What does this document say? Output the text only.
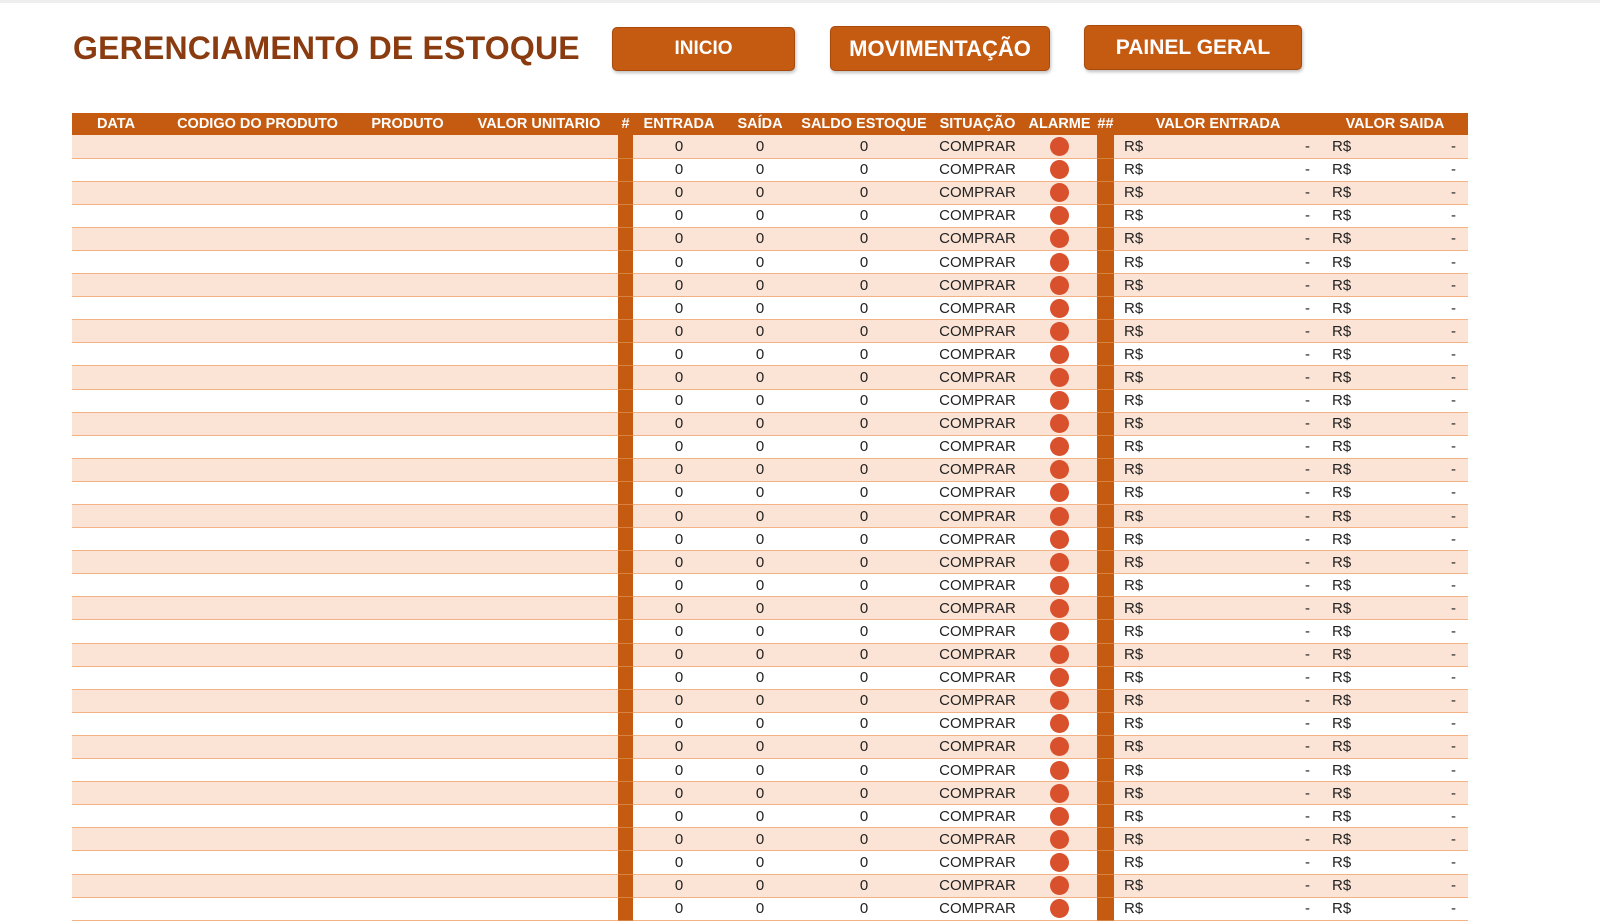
GERENCIAMENTO DE ESTOQUE	INICIO	MOVIMENTAÇÃO	PAINEL GERAL
DATA	CODIGO DO PRODUTO	PRODUTO	VALOR UNITARIO	#	ENTRADA	SAÍDA	SALDO ESTOQUE	SITUAÇÃO	ALARME	##	VALOR ENTRADA	VALOR SAIDA
					0	0	0	COMPRAR			R$ -	R$ -

					0	0	0	COMPRAR			R$ -	R$ -

					0	0	0	COMPRAR			R$ -	R$ -

					0	0	0	COMPRAR			R$ -	R$ -

					0	0	0	COMPRAR			R$ -	R$ -

					0	0	0	COMPRAR			R$ -	R$ -

					0	0	0	COMPRAR			R$ -	R$ -

					0	0	0	COMPRAR			R$ -	R$ -

					0	0	0	COMPRAR			R$ -	R$ -

					0	0	0	COMPRAR			R$ -	R$ -

					0	0	0	COMPRAR			R$ -	R$ -

					0	0	0	COMPRAR			R$ -	R$ -

					0	0	0	COMPRAR			R$ -	R$ -

					0	0	0	COMPRAR			R$ -	R$ -

					0	0	0	COMPRAR			R$ -	R$ -

					0	0	0	COMPRAR			R$ -	R$ -

					0	0	0	COMPRAR			R$ -	R$ -

					0	0	0	COMPRAR			R$ -	R$ -

					0	0	0	COMPRAR			R$ -	R$ -

					0	0	0	COMPRAR			R$ -	R$ -

					0	0	0	COMPRAR			R$ -	R$ -

					0	0	0	COMPRAR			R$ -	R$ -

					0	0	0	COMPRAR			R$ -	R$ -

					0	0	0	COMPRAR			R$ -	R$ -

					0	0	0	COMPRAR			R$ -	R$ -

					0	0	0	COMPRAR			R$ -	R$ -

					0	0	0	COMPRAR			R$ -	R$ -

					0	0	0	COMPRAR			R$ -	R$ -

					0	0	0	COMPRAR			R$ -	R$ -

					0	0	0	COMPRAR			R$ -	R$ -

					0	0	0	COMPRAR			R$ -	R$ -

					0	0	0	COMPRAR			R$ -	R$ -

					0	0	0	COMPRAR			R$ -	R$ -

					0	0	0	COMPRAR			R$ -	R$ -
